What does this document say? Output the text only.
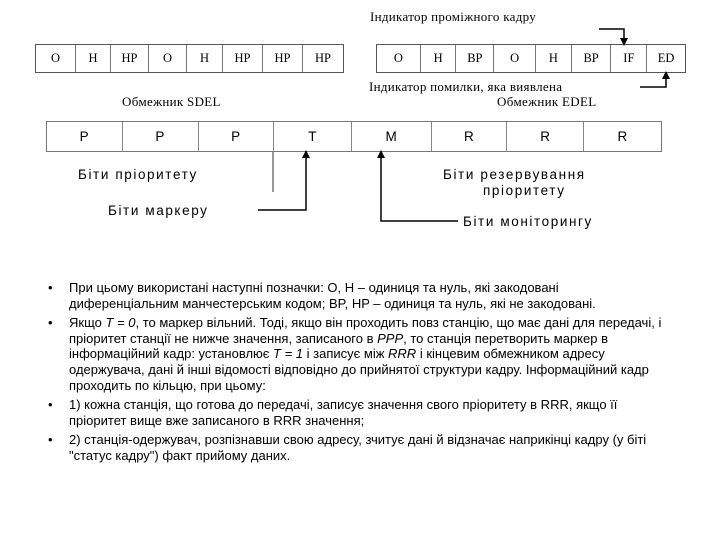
Індикатор проміжного кадру
O	H	HP	O	H	HP	HP	HP	O	H	BP	O	H	BP	IF	ED
Індикатор помилки, яка виявлена
Обмежник SDEL	Обмежник EDEL
P	P	P	T	M	R	R	R
Біти пріоритету
Біти маркеру
Біти резервування
пріоритету
Біти моніторингу
• При цьому використані наступні позначки: O, H – одиниця та нуль, які закодовані диференціальним манчестерським кодом; BP, HP – одиниця та нуль, які не закодовані.
• Якщо T = 0, то маркер вільний. Тоді, якщо він проходить повз станцію, що має дані для передачі, і пріоритет станції не нижче значення, записаного в PPP, то станція перетворить маркер в інформаційний кадр: установлює T = 1 і записує між RRR і кінцевим обмежником адресу одержувача, дані й інші відомості відповідно до прийнятої структури кадру. Інформаційний кадр проходить по кільцю, при цьому:
• 1) кожна станція, що готова до передачі, записує значення свого пріоритету в RRR, якщо її пріоритет вище вже записаного в RRR значення;
• 2) станція-одержувач, розпізнавши свою адресу, зчитує дані й відзначає наприкінці кадру (у біті "статус кадру") факт прийому даних.
